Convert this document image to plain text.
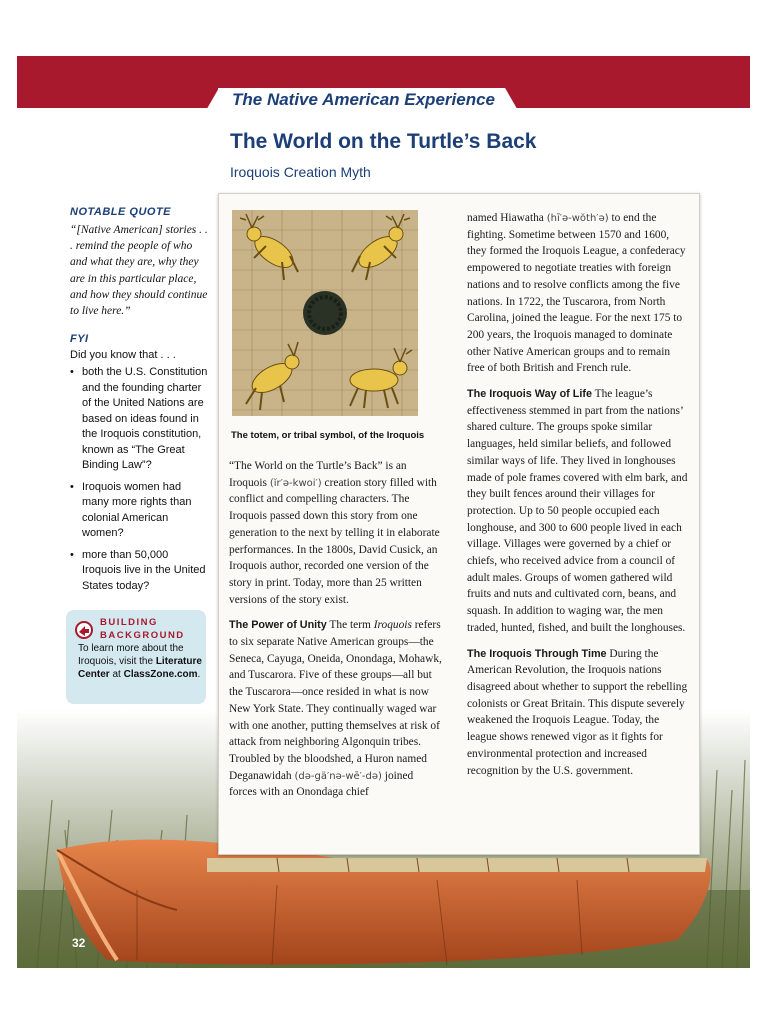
The Native American Experience
The World on the Turtle’s Back

Iroquois Creation Myth

NOTABLE QUOTE

“[Native American] stories . . . remind the people of who and what they are, why they are in this particular place, and how they should continue to live here.”

FYI

Did you know that . . .

• both the U.S. Constitution and the founding charter of the United Nations are based on ideas found in the Iroquois constitution, known as “The Great Binding Law”?
• Iroquois women had many more rights than colonial American women?
• more than 50,000 Iroquois live in the United States today?

BUILDING
BACKGROUND

To learn more about the Iroquois, visit the Literature Center at ClassZone.com.

32

The totem, or tribal symbol, of the Iroquois

“The World on the Turtle’s Back” is an Iroquois (ĭr′ə-kwoi′) creation story filled with conflict and compelling characters. The Iroquois passed down this story from one generation to the next by telling it in elaborate performances. In the 1800s, David Cusick, an Iroquois author, recorded one version of the story in print. Today, more than 25 written versions of the story exist.

The Power of Unity The term Iroquois refers to six separate Native American groups—the Seneca, Cayuga, Oneida, Onondaga, Mohawk, and Tuscarora. Five of these groups—all but the Tuscarora—once resided in what is now New York State. They continually waged war with one another, putting themselves at risk of attack from neighboring Algonquin tribes. Troubled by the bloodshed, a Huron named Deganawidah (də-gä′nə-wē′-də) joined forces with an Onondaga chief

named Hiawatha (hī′ə-wŏth′ə) to end the fighting. Sometime between 1570 and 1600, they formed the Iroquois League, a confederacy empowered to negotiate treaties with foreign nations and to resolve conflicts among the five nations. In 1722, the Tuscarora, from North Carolina, joined the league. For the next 175 to 200 years, the Iroquois managed to dominate other Native American groups and to remain free of both British and French rule.

The Iroquois Way of Life The league’s effectiveness stemmed in part from the nations’ shared culture. The groups spoke similar languages, held similar beliefs, and followed similar ways of life. They lived in longhouses made of pole frames covered with elm bark, and they built fences around their villages for protection. Up to 50 people occupied each longhouse, and 300 to 600 people lived in each village. Villages were governed by a chief or chiefs, who received advice from a council of adult males. Groups of women gathered wild fruits and nuts and cultivated corn, beans, and squash. In addition to waging war, the men traded, hunted, fished, and built the longhouses.

The Iroquois Through Time During the American Revolution, the Iroquois nations disagreed about whether to support the rebelling colonists or Great Britain. This dispute severely weakened the Iroquois League. Today, the league shows renewed vigor as it fights for environmental protection and increased recognition by the U.S. government.
